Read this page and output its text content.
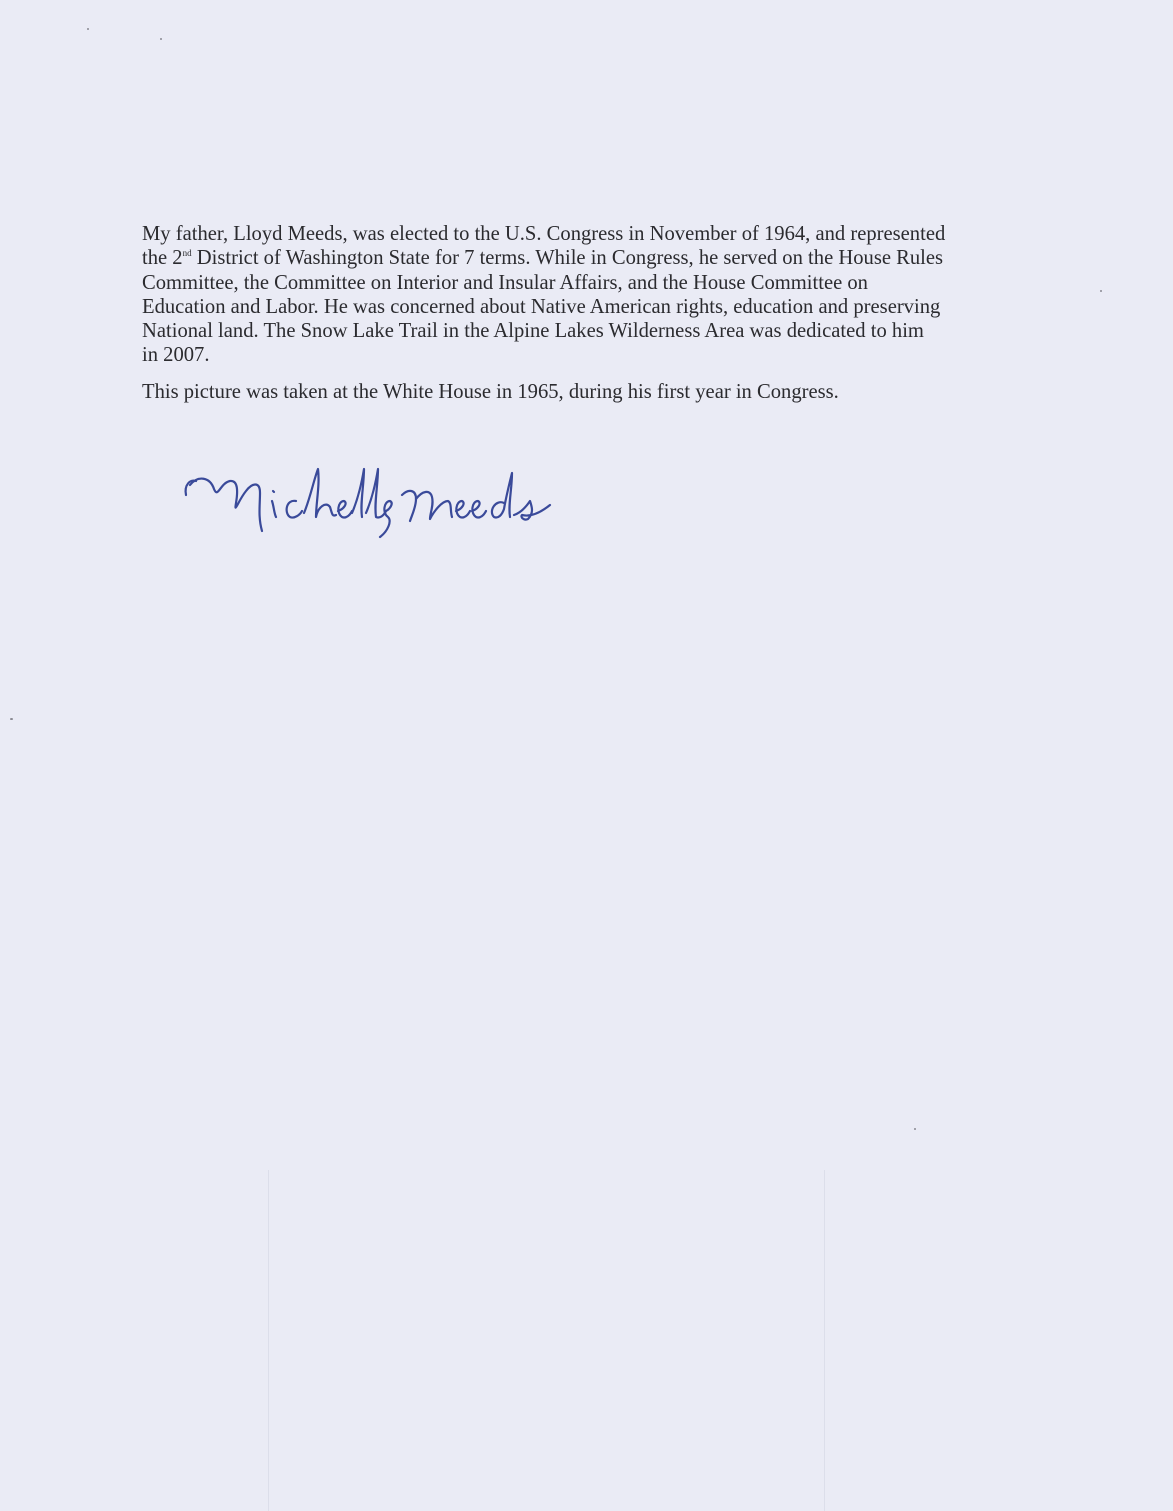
My father, Lloyd Meeds, was elected to the U.S. Congress in November of 1964, and represented
the 2nd District of Washington State for 7 terms. While in Congress, he served on the House Rules
Committee, the Committee on Interior and Insular Affairs, and the House Committee on
Education and Labor. He was concerned about Native American rights, education and preserving
National land. The Snow Lake Trail in the Alpine Lakes Wilderness Area was dedicated to him
in 2007.

This picture was taken at the White House in 1965, during his first year in Congress.
